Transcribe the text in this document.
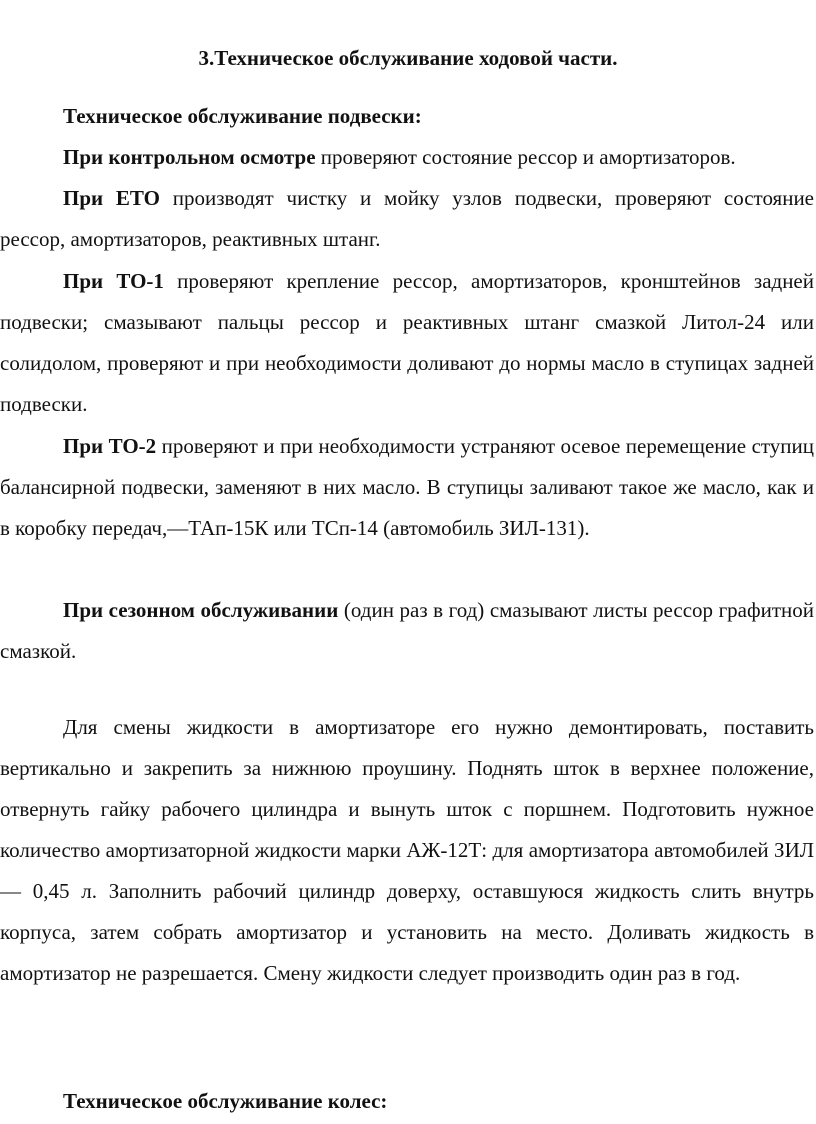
3.Техническое обслуживание ходовой части.
Техническое обслуживание подвески:

При контрольном осмотре проверяют состояние рессор и амортизаторов.

При ЕТО производят чистку и мойку узлов подвески, проверяют состояние рессор, амортизаторов, реактивных штанг.

При ТО-1 проверяют крепление рессор, амортизаторов, кронштейнов задней подвески; смазывают пальцы рессор и реактивных штанг смазкой Литол-24 или солидолом, проверяют и при необходимости доливают до нормы масло в ступицах задней подвески.

При ТО-2 проверяют и при необходимости устраняют осевое перемещение ступиц балансирной подвески, заменяют в них масло. В ступицы заливают такое же масло, как и в коробку передач,—ТАп-15К или ТСп-14 (автомобиль ЗИЛ-131).

При сезонном обслуживании (один раз в год) смазывают листы рессор графитной смазкой.

Для смены жидкости в амортизаторе его нужно демонтировать, поставить вертикально и закрепить за нижнюю проушину. Поднять шток в верхнее положение, отвернуть гайку рабочего цилиндра и вынуть шток с поршнем. Подготовить нужное количество амортизаторной жидкости марки АЖ-12Т: для амортизатора автомобилей ЗИЛ — 0,45 л. Заполнить рабочий цилиндр доверху, оставшуюся жидкость слить внутрь корпуса, затем собрать амортизатор и установить на место. Доливать жидкость в амортизатор не разрешается. Смену жидкости следует производить один раз в год.

Техническое обслуживание колес:
